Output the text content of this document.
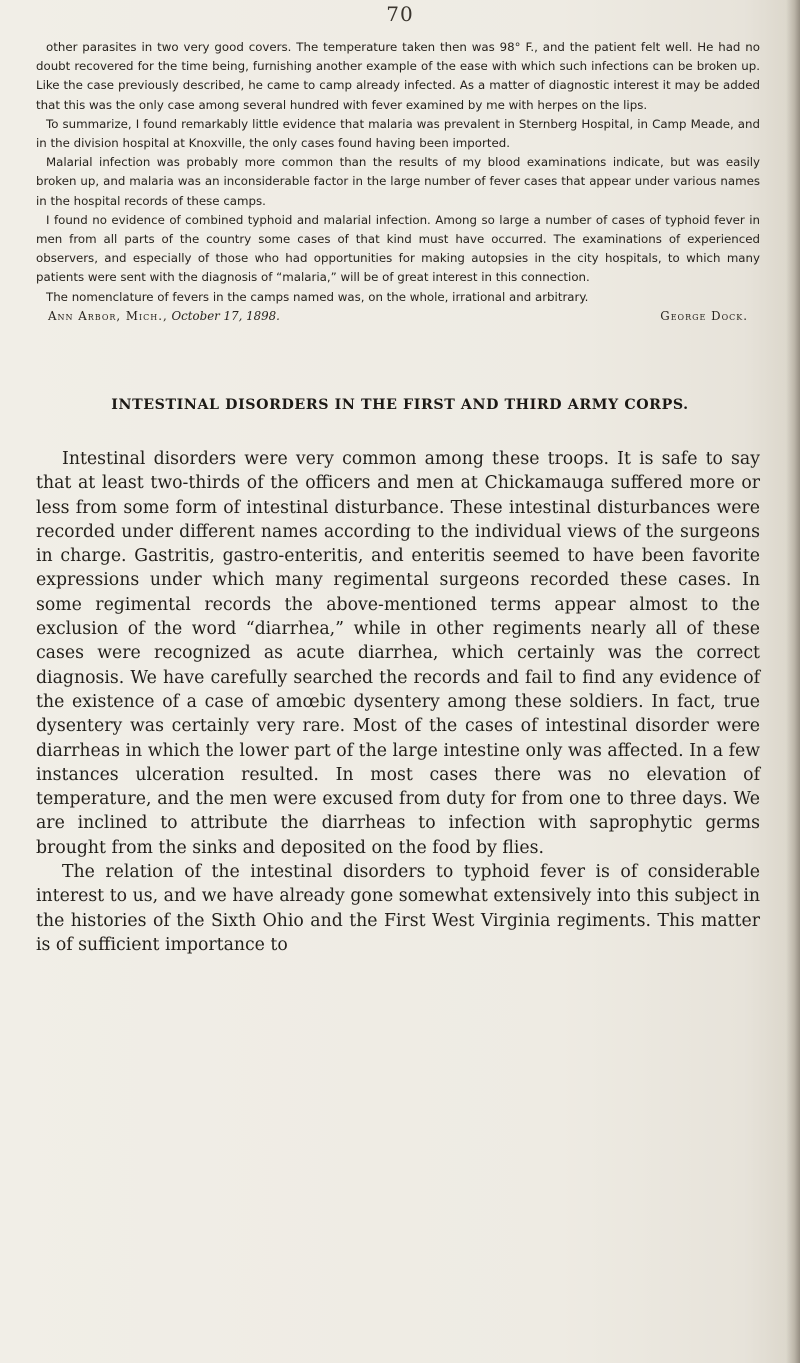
70

other parasites in two very good covers. The temperature taken then was 98° F., and the patient felt well. He had no doubt recovered for the time being, furnishing another example of the ease with which such infections can be broken up. Like the case previously described, he came to camp already infected. As a matter of diagnostic interest it may be added that this was the only case among several hundred with fever examined by me with herpes on the lips.

To summarize, I found remarkably little evidence that malaria was prevalent in Sternberg Hospital, in Camp Meade, and in the division hospital at Knoxville, the only cases found having been imported.

Malarial infection was probably more common than the results of my blood examinations indicate, but was easily broken up, and malaria was an inconsiderable factor in the large number of fever cases that appear under various names in the hospital records of these camps.

I found no evidence of combined typhoid and malarial infection. Among so large a number of cases of typhoid fever in men from all parts of the country some cases of that kind must have occurred. The examinations of experienced observers, and especially of those who had opportunities for making autopsies in the city hospitals, to which many patients were sent with the diagnosis of “malaria,” will be of great interest in this connection.

The nomenclature of fevers in the camps named was, on the whole, irrational and arbitrary.

George Dock.
Ann Arbor, Mich., October 17, 1898.
INTESTINAL DISORDERS IN THE FIRST AND THIRD ARMY CORPS.

Intestinal disorders were very common among these troops. It is safe to say that at least two-thirds of the officers and men at Chickamauga suffered more or less from some form of intestinal disturbance. These intestinal disturbances were recorded under different names according to the individual views of the surgeons in charge. Gastritis, gastro-enteritis, and enteritis seemed to have been favorite expressions under which many regimental surgeons recorded these cases. In some regimental records the above-mentioned terms appear almost to the exclusion of the word “diarrhea,” while in other regiments nearly all of these cases were recognized as acute diarrhea, which certainly was the correct diagnosis. We have carefully searched the records and fail to find any evidence of the existence of a case of amœbic dysentery among these soldiers. In fact, true dysentery was certainly very rare. Most of the cases of intestinal disorder were diarrheas in which the lower part of the large intestine only was affected. In a few instances ulceration resulted. In most cases there was no elevation of temperature, and the men were excused from duty for from one to three days. We are inclined to attribute the diarrheas to infection with saprophytic germs brought from the sinks and deposited on the food by flies.

The relation of the intestinal disorders to typhoid fever is of considerable interest to us, and we have already gone somewhat extensively into this subject in the histories of the Sixth Ohio and the First West Virginia regiments. This matter is of sufficient importance to
